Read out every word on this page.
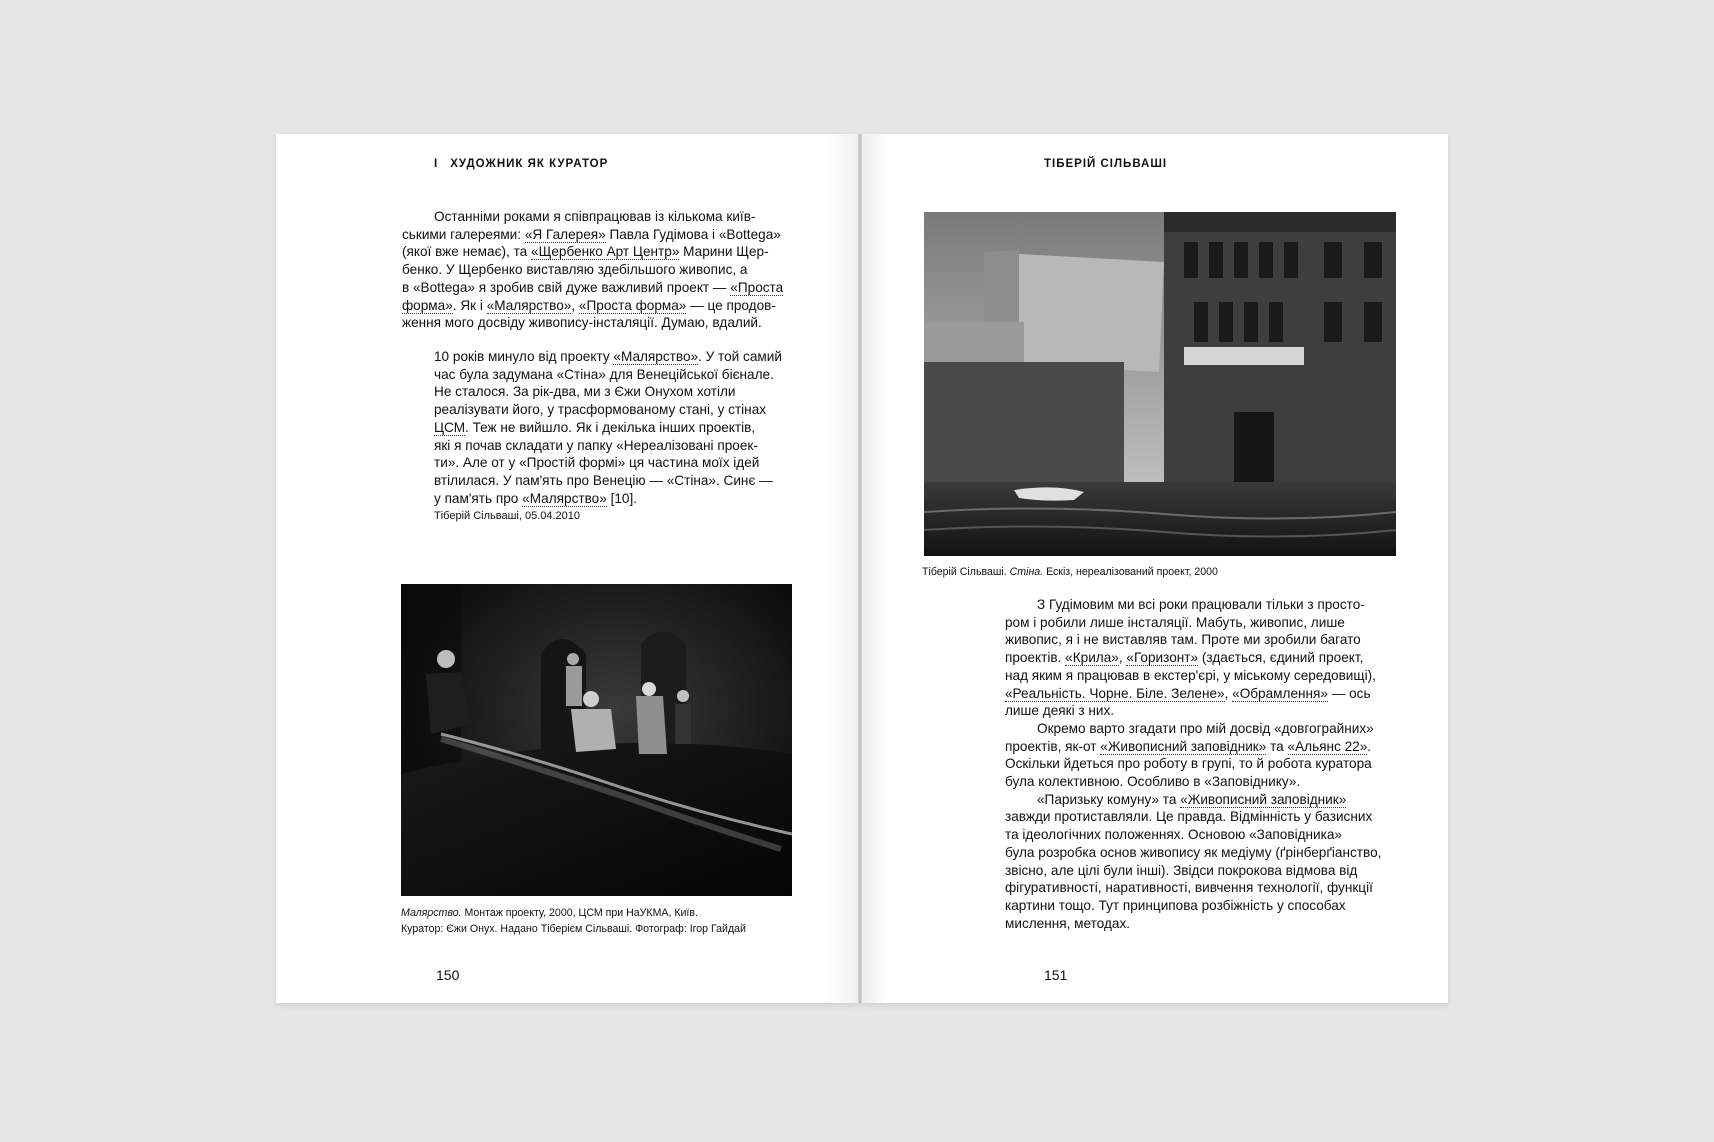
I ХУДОЖНИК ЯК КУРАТОР	ТІБЕРІЙ СІЛЬВАШІ

Останніми роками я співпрацював із кількома київ-

ськими галереями: «Я Галерея» Павла Гудімова і «Bottega»
(якої вже немає), та «Щербенко Арт Центр» Марини Щер-
бенко. У Щербенко виставляю здебільшого живопис, а
в «Bottega» я зробив свій дуже важливий проект — «Проста
форма». Як і «Малярство», «Проста форма» — це продов-
ження мого досвіду живопису-інсталяції. Думаю, вдалий.
10 років минуло від проекту «Малярство». У той самий
час була задумана «Стіна» для Венеційської бієнале.
Не сталося. За рік-два, ми з Єжи Онухом хотіли
реалізувати його, у трасформованому стані, у стінах
ЦСМ. Теж не вийшло. Як і декілька інших проектів,
які я почав складати у папку «Нереалізовані проек-
ти». Але от у «Простій формі» ця частина моїх ідей
втілилася. У пам'ять про Венецію — «Стіна». Синє —
у пам'ять про «Малярство» [10].
Тіберій Сільваші, 05.04.2010
Малярство. Монтаж проекту, 2000, ЦСМ при НаУКМА, Київ.
Куратор: Єжи Онух. Надано Тіберієм Сільваші. Фотограф: Ігор Гайдай
150
Тіберій Сільваші. Стіна. Ескіз, нереалізований проект, 2000
З Гудімовим ми всі роки працювали тільки з просто-
ром і робили лише інсталяції. Мабуть, живопис, лише
живопис, я і не виставляв там. Проте ми зробили багато
проектів. «Крила», «Горизонт» (здається, єдиний проект,
над яким я працював в екстер'єрі, у міському середовищі),
«Реальність. Чорне. Біле. Зелене», «Обрамлення» — ось
лише деякі з них.
Окремо варто згадати про мій досвід «довгограйних»
проектів, як-от «Живописний заповідник» та «Альянс 22».
Оскільки йдеться про роботу в групі, то й робота куратора
була колективною. Особливо в «Заповіднику».
«Паризьку комуну» та «Живописний заповідник»
завжди протиставляли. Це правда. Відмінність у базисних
та ідеологічних положеннях. Основою «Заповідника»
була розробка основ живопису як медіуму (ґрінберґіанство,
звісно, але цілі були інші). Звідси покрокова відмова від
фігуративності, наративності, вивчення технології, функції
картини тощо. Тут принципова розбіжність у способах
мислення, методах.
151
